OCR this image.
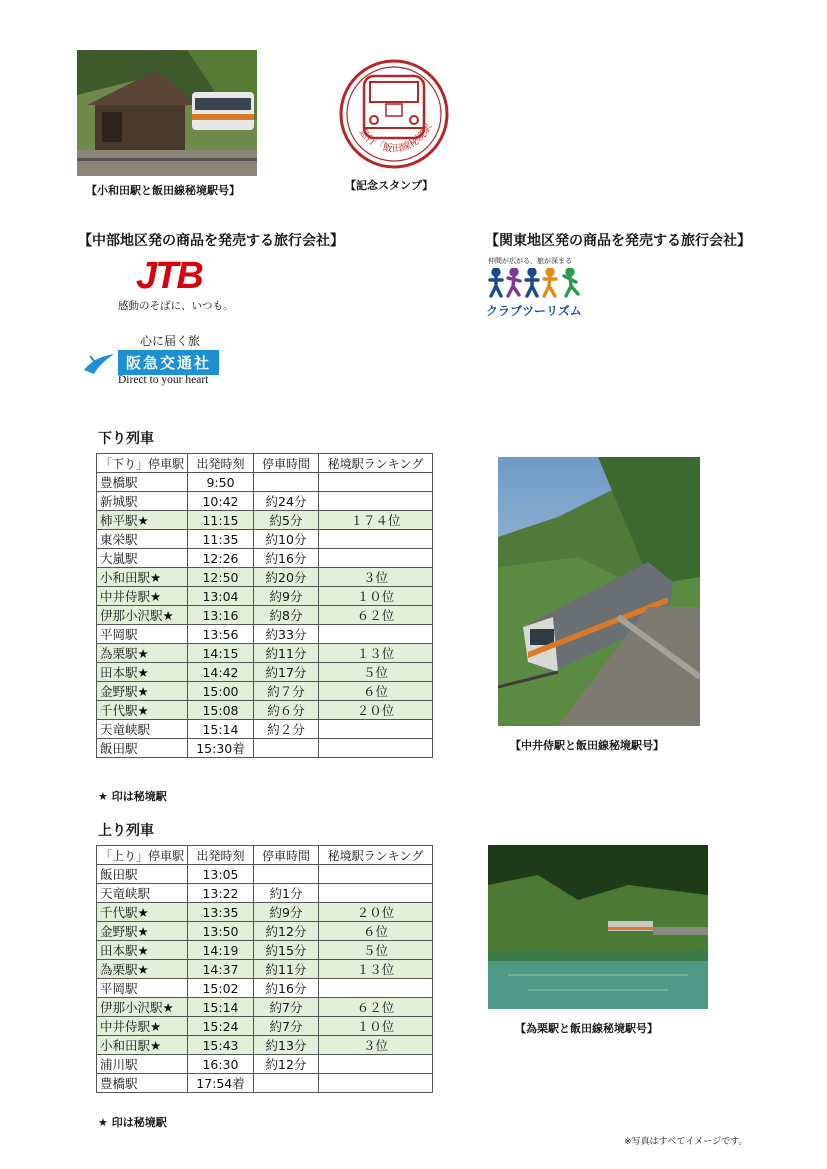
【小和田駅と飯田線秘境駅号】
急行「飯田線秘境駅
【記念スタンプ】
【中部地区発の商品を発売する旅行会社】	【関東地区発の商品を発売する旅行会社】
JTB
感動のそばに、いつも。
心に届く旅
阪急交通社
Direct to your heart
仲間が広がる、旅が深まる
クラブツーリズム
下り列車
「下り」停車駅	出発時刻	停車時間	秘境駅ランキング
豊橋駅	9:50		
新城駅	10:42	約24分	
柿平駅★	11:15	約5分	１７４位
東栄駅	11:35	約10分	
大嵐駅	12:26	約16分	
小和田駅★	12:50	約20分	３位
中井侍駅★	13:04	約9分	１０位
伊那小沢駅★	13:16	約8分	６２位
平岡駅	13:56	約33分	
為栗駅★	14:15	約11分	１３位
田本駅★	14:42	約17分	５位
金野駅★	15:00	約７分	６位
千代駅★	15:08	約６分	２０位
天竜峡駅	15:14	約２分	
飯田駅	15:30着		
★ 印は秘境駅
【中井侍駅と飯田線秘境駅号】
上り列車
「上り」停車駅	出発時刻	停車時間	秘境駅ランキング
飯田駅	13:05		
天竜峡駅	13:22	約1分	
千代駅★	13:35	約9分	２０位
金野駅★	13:50	約12分	６位
田本駅★	14:19	約15分	５位
為栗駅★	14:37	約11分	１３位
平岡駅	15:02	約16分	
伊那小沢駅★	15:14	約7分	６２位
中井侍駅★	15:24	約7分	１０位
小和田駅★	15:43	約13分	３位
浦川駅	16:30	約12分	
豊橋駅	17:54着		
★ 印は秘境駅
【為栗駅と飯田線秘境駅号】
※写真はすべてイメージです。
